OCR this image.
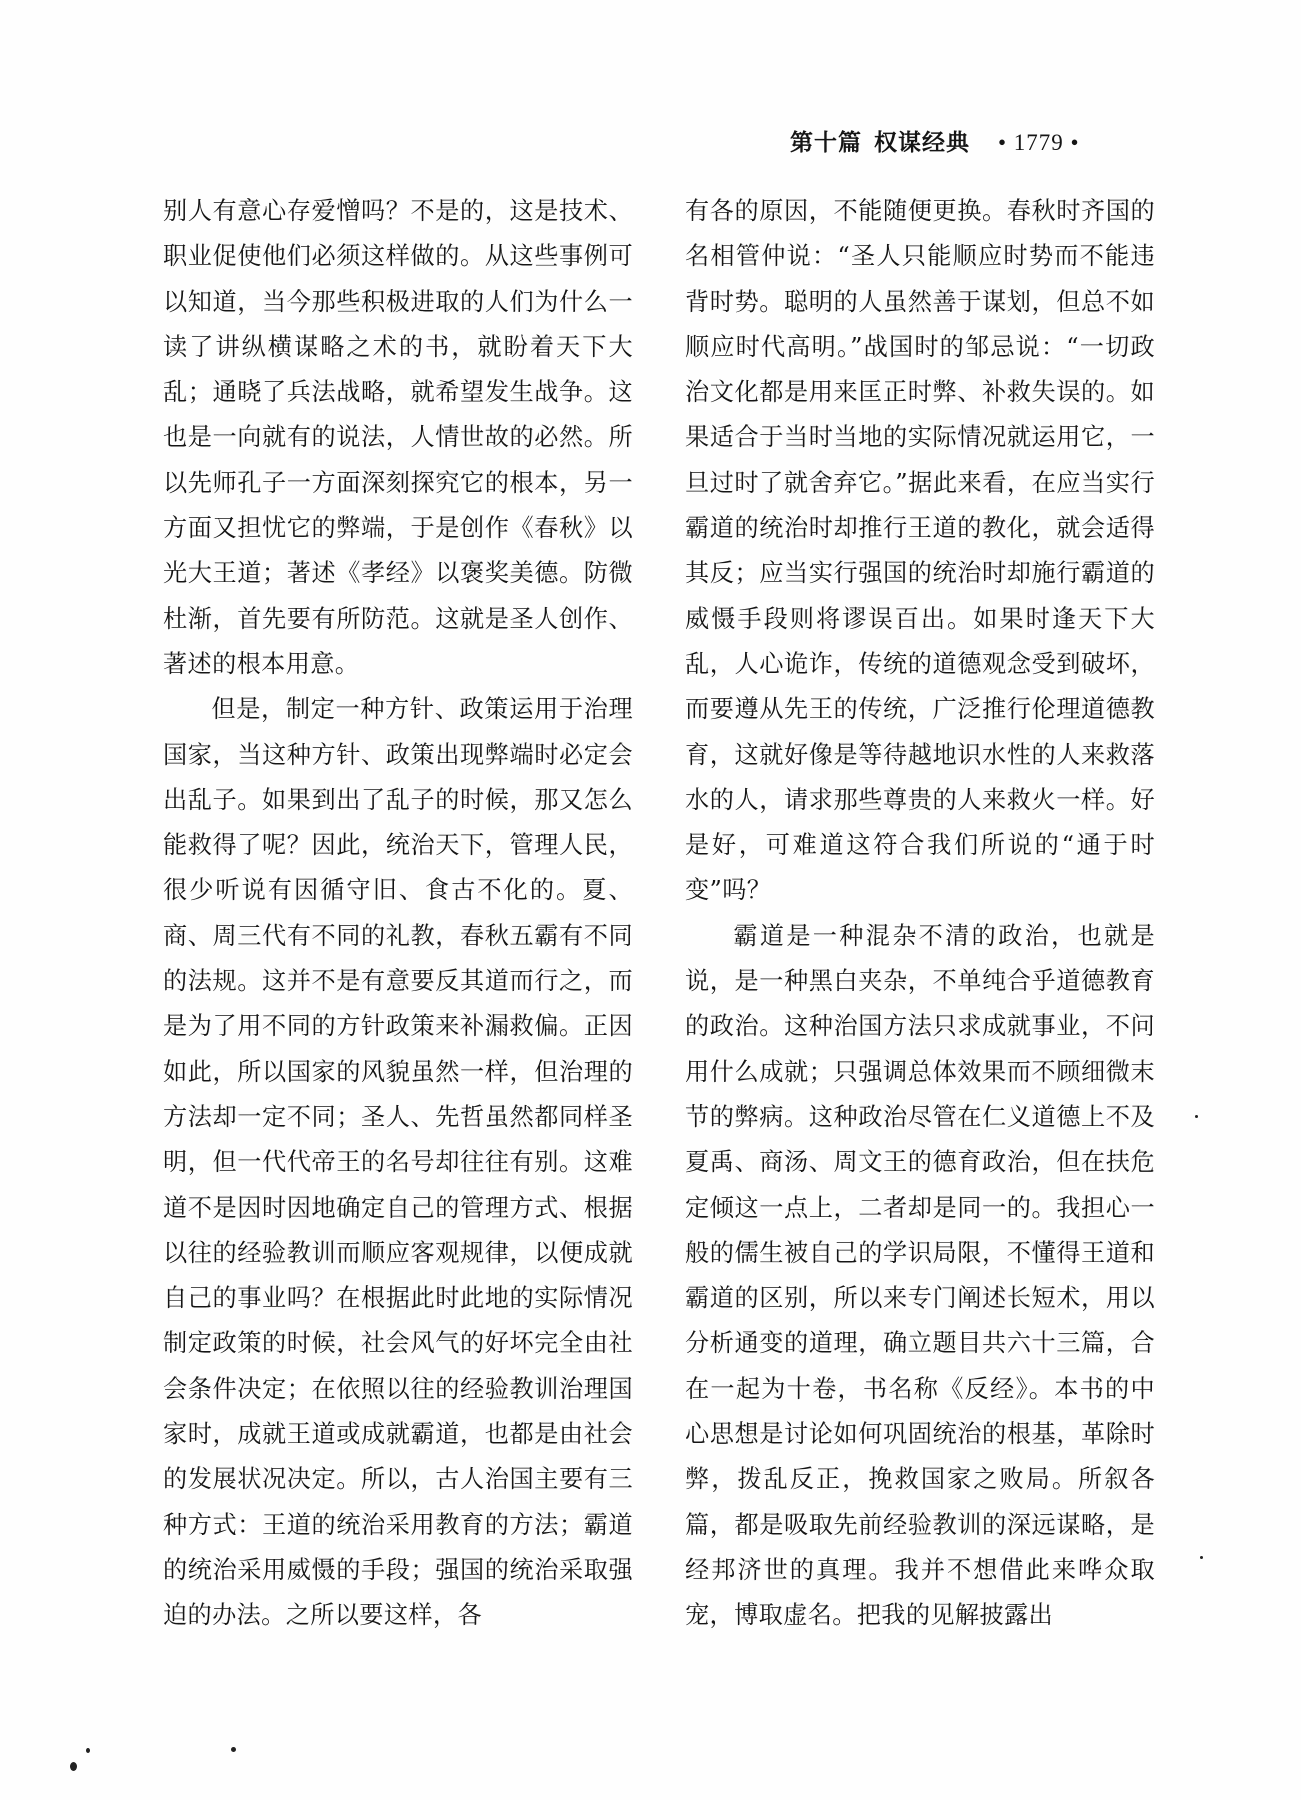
第十篇 权谋经典 • 1779 •

别人有意心存爱憎吗？不是的，这是技术、职业促使他们必须这样做的。从这些事例可以知道，当今那些积极进取的人们为什么一读了讲纵横谋略之术的书，就盼着天下大乱；通晓了兵法战略，就希望发生战争。这也是一向就有的说法，人情世故的必然。所以先师孔子一方面深刻探究它的根本，另一方面又担忧它的弊端，于是创作《春秋》以光大王道；著述《孝经》以褒奖美德。防微杜渐，首先要有所防范。这就是圣人创作、著述的根本用意。

但是，制定一种方针、政策运用于治理国家，当这种方针、政策出现弊端时必定会出乱子。如果到出了乱子的时候，那又怎么能救得了呢？因此，统治天下，管理人民，很少听说有因循守旧、食古不化的。夏、商、周三代有不同的礼教，春秋五霸有不同的法规。这并不是有意要反其道而行之，而是为了用不同的方针政策来补漏救偏。正因如此，所以国家的风貌虽然一样，但治理的方法却一定不同；圣人、先哲虽然都同样圣明，但一代代帝王的名号却往往有别。这难道不是因时因地确定自己的管理方式、根据以往的经验教训而顺应客观规律，以便成就自己的事业吗？在根据此时此地的实际情况制定政策的时候，社会风气的好坏完全由社会条件决定；在依照以往的经验教训治理国家时，成就王道或成就霸道，也都是由社会的发展状况决定。所以，古人治国主要有三种方式：王道的统治采用教育的方法；霸道的统治采用威慑的手段；强国的统治采取强迫的办法。之所以要这样，各

有各的原因，不能随便更换。春秋时齐国的名相管仲说：“圣人只能顺应时势而不能违背时势。聪明的人虽然善于谋划，但总不如顺应时代高明。”战国时的邹忌说：“一切政治文化都是用来匡正时弊、补救失误的。如果适合于当时当地的实际情况就运用它，一旦过时了就舍弃它。”据此来看，在应当实行霸道的统治时却推行王道的教化，就会适得其反；应当实行强国的统治时却施行霸道的威慑手段则将谬误百出。如果时逢天下大乱，人心诡诈，传统的道德观念受到破坏，而要遵从先王的传统，广泛推行伦理道德教育，这就好像是等待越地识水性的人来救落水的人，请求那些尊贵的人来救火一样。好是好，可难道这符合我们所说的“通于时变”吗？

霸道是一种混杂不清的政治，也就是说，是一种黑白夹杂，不单纯合乎道德教育的政治。这种治国方法只求成就事业，不问用什么成就；只强调总体效果而不顾细微末节的弊病。这种政治尽管在仁义道德上不及夏禹、商汤、周文王的德育政治，但在扶危定倾这一点上，二者却是同一的。我担心一般的儒生被自己的学识局限，不懂得王道和霸道的区别，所以来专门阐述长短术，用以分析通变的道理，确立题目共六十三篇，合在一起为十卷，书名称《反经》。本书的中心思想是讨论如何巩固统治的根基，革除时弊，拨乱反正，挽救国家之败局。所叙各篇，都是吸取先前经验教训的深远谋略，是经邦济世的真理。我并不想借此来哗众取宠，博取虚名。把我的见解披露出
